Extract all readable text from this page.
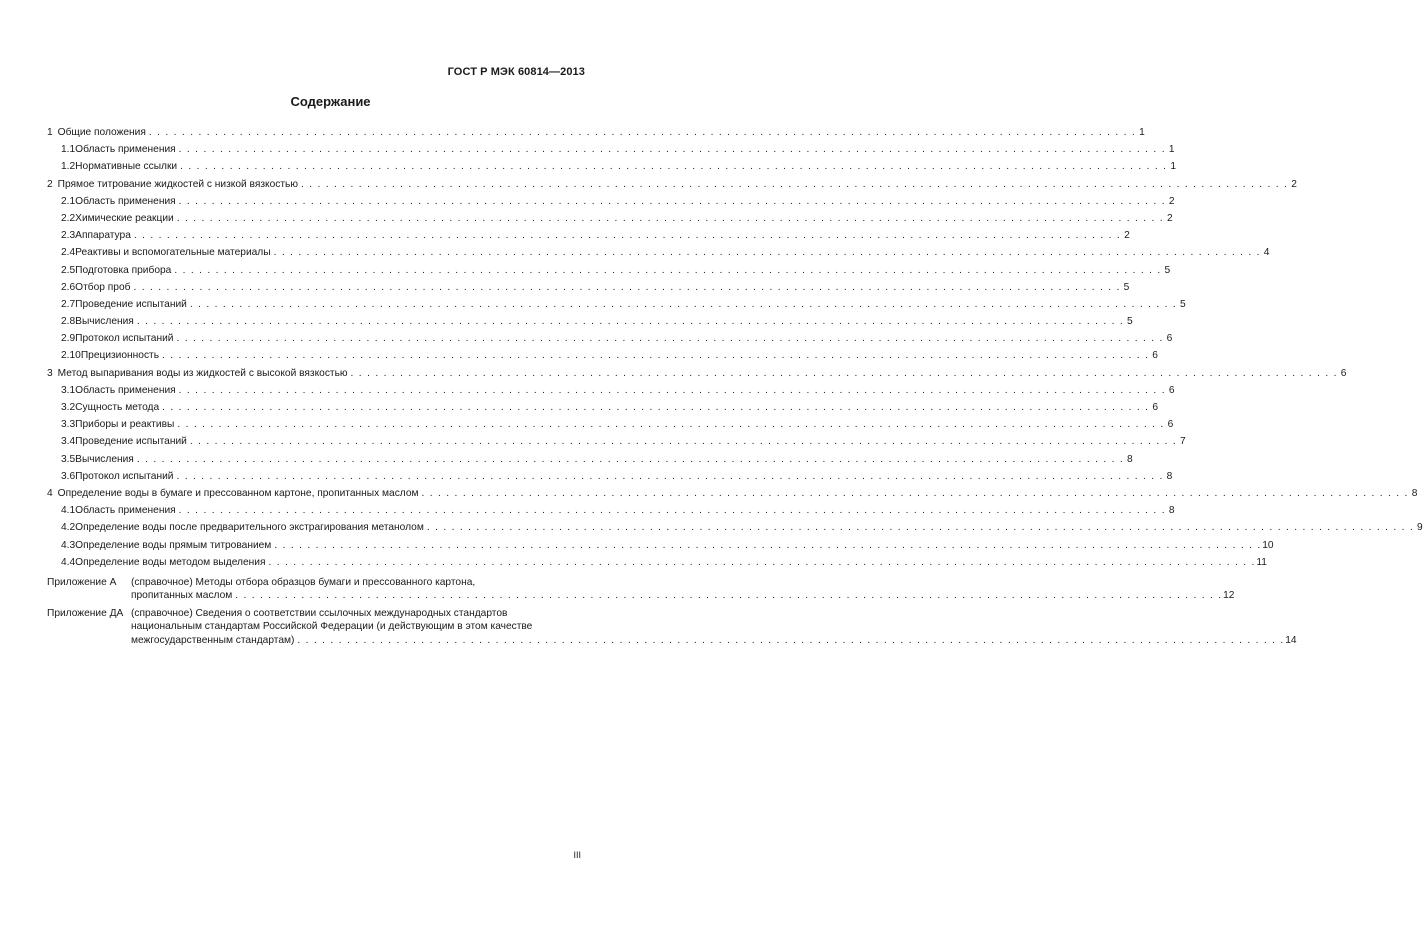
ГОСТ Р МЭК 60814—2013
Содержание
1 Общие положения . . .	1
1.1 Область применения . . .	1
1.2 Нормативные ссылки . . .	1
2 Прямое титрование жидкостей с низкой вязкостью . . .	2
2.1 Область применения . . .	2
2.2 Химические реакции . . .	2
2.3 Аппаратура . . .	2
2.4 Реактивы и вспомогательные материалы . . .	4
2.5 Подготовка прибора . . .	5
2.6 Отбор проб . . .	5
2.7 Проведение испытаний . . .	5
2.8 Вычисления . . .	5
2.9 Протокол испытаний . . .	6
2.10 Прецизионность . . .	6
3 Метод выпаривания воды из жидкостей с высокой вязкостью . . .	6
3.1 Область применения . . .	6
3.2 Сущность метода . . .	6
3.3 Приборы и реактивы . . .	6
3.4 Проведение испытаний . . .	7
3.5 Вычисления . . .	8
3.6 Протокол испытаний . . .	8
4 Определение воды в бумаге и прессованном картоне, пропитанных маслом . . .	8
4.1 Область применения . . .	8
4.2 Определение воды после предварительного экстрагирования метанолом . . .	9
4.3 Определение воды прямым титрованием . . .	10
4.4 Определение воды методом выделения . . .	11
Приложение А	(справочное) Методы отбора образцов бумаги и прессованного картона,
пропитанных маслом . . .	12
Приложение ДА (справочное) Сведения о соответствии ссылочных международных стандартов
национальным стандартам Российской Федерации (и действующим в этом качестве
межгосударственным стандартам) . . .	14
III
